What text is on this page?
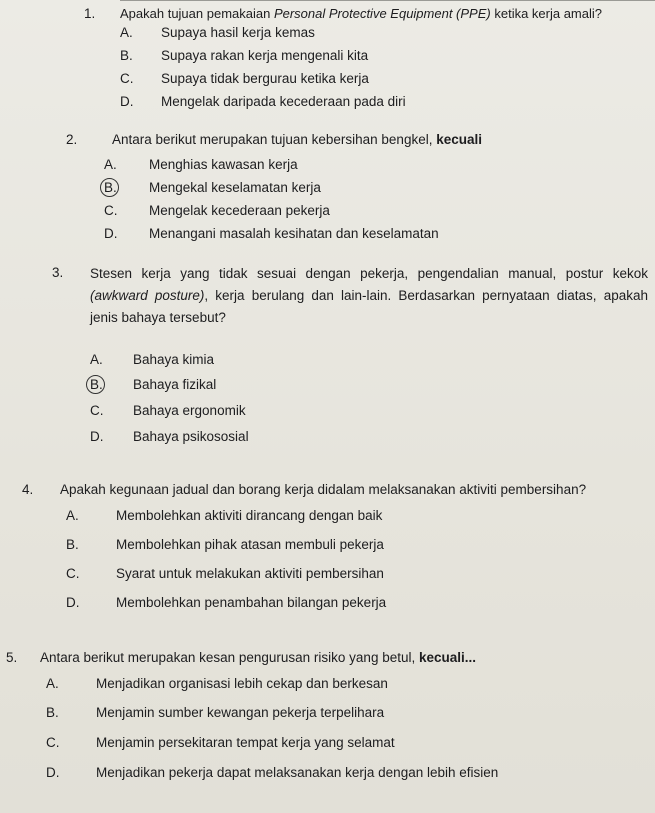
1. Apakah tujuan pemakaian Personal Protective Equipment (PPE) ketika kerja amali?
A. Supaya hasil kerja kemas
B. Supaya rakan kerja mengenali kita
C. Supaya tidak bergurau ketika kerja
D. Mengelak daripada kecederaan pada diri
2.	Antara berikut merupakan tujuan kebersihan bengkel, kecuali
A. Menghias kawasan kerja
B. Mengekal keselamatan kerja
C. Mengelak kecederaan pekerja
D. Menangani masalah kesihatan dan keselamatan
3. Stesen kerja yang tidak sesuai dengan pekerja, pengendalian manual, postur kekok (awkward posture), kerja berulang dan lain-lain. Berdasarkan pernyataan diatas, apakah jenis bahaya tersebut?
A. Bahaya kimia
B. Bahaya fizikal
C. Bahaya ergonomik
D. Bahaya psikososial
4. Apakah kegunaan jadual dan borang kerja didalam melaksanakan aktiviti pembersihan?
A.	Membolehkan aktiviti dirancang dengan baik
B.	Membolehkan pihak atasan membuli pekerja
C.	Syarat untuk melakukan aktiviti pembersihan
D.	Membolehkan penambahan bilangan pekerja
5. Antara berikut merupakan kesan pengurusan risiko yang betul, kecuali...
A.	Menjadikan organisasi lebih cekap dan berkesan
B.	Menjamin sumber kewangan pekerja terpelihara
C.	Menjamin persekitaran tempat kerja yang selamat
D.	Menjadikan pekerja dapat melaksanakan kerja dengan lebih efisien
